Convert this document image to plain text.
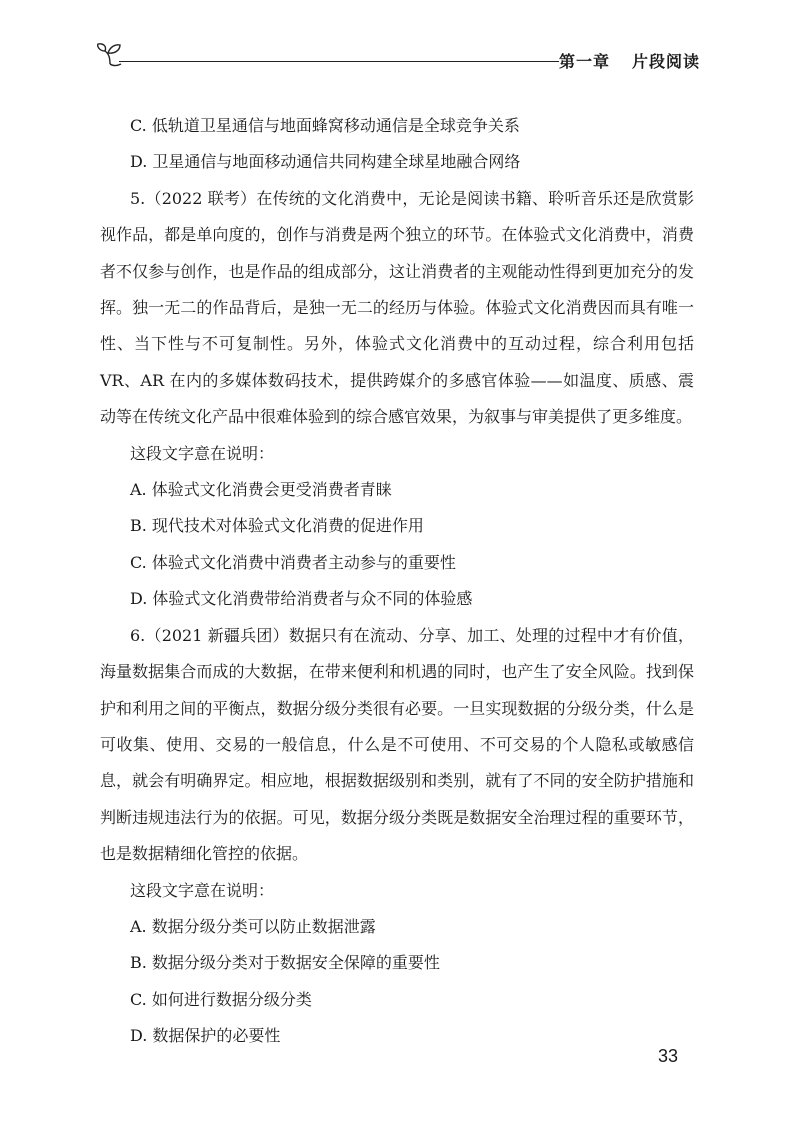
第一章 片段阅读

C. 低轨道卫星通信与地面蜂窝移动通信是全球竞争关系

D. 卫星通信与地面移动通信共同构建全球星地融合网络

5.（2022 联考）在传统的文化消费中，无论是阅读书籍、聆听音乐还是欣赏影视作品，都是单向度的，创作与消费是两个独立的环节。在体验式文化消费中，消费者不仅参与创作，也是作品的组成部分，这让消费者的主观能动性得到更加充分的发挥。独一无二的作品背后，是独一无二的经历与体验。体验式文化消费因而具有唯一性、当下性与不可复制性。另外，体验式文化消费中的互动过程，综合利用包括 VR、AR 在内的多媒体数码技术，提供跨媒介的多感官体验——如温度、质感、震动等在传统文化产品中很难体验到的综合感官效果，为叙事与审美提供了更多维度。

这段文字意在说明：

A. 体验式文化消费会更受消费者青睐

B. 现代技术对体验式文化消费的促进作用

C. 体验式文化消费中消费者主动参与的重要性

D. 体验式文化消费带给消费者与众不同的体验感

6.（2021 新疆兵团）数据只有在流动、分享、加工、处理的过程中才有价值，海量数据集合而成的大数据，在带来便利和机遇的同时，也产生了安全风险。找到保护和利用之间的平衡点，数据分级分类很有必要。一旦实现数据的分级分类，什么是可收集、使用、交易的一般信息，什么是不可使用、不可交易的个人隐私或敏感信息，就会有明确界定。相应地，根据数据级别和类别，就有了不同的安全防护措施和判断违规违法行为的依据。可见，数据分级分类既是数据安全治理过程的重要环节，也是数据精细化管控的依据。

这段文字意在说明：

A. 数据分级分类可以防止数据泄露

B. 数据分级分类对于数据安全保障的重要性

C. 如何进行数据分级分类

D. 数据保护的必要性

33
